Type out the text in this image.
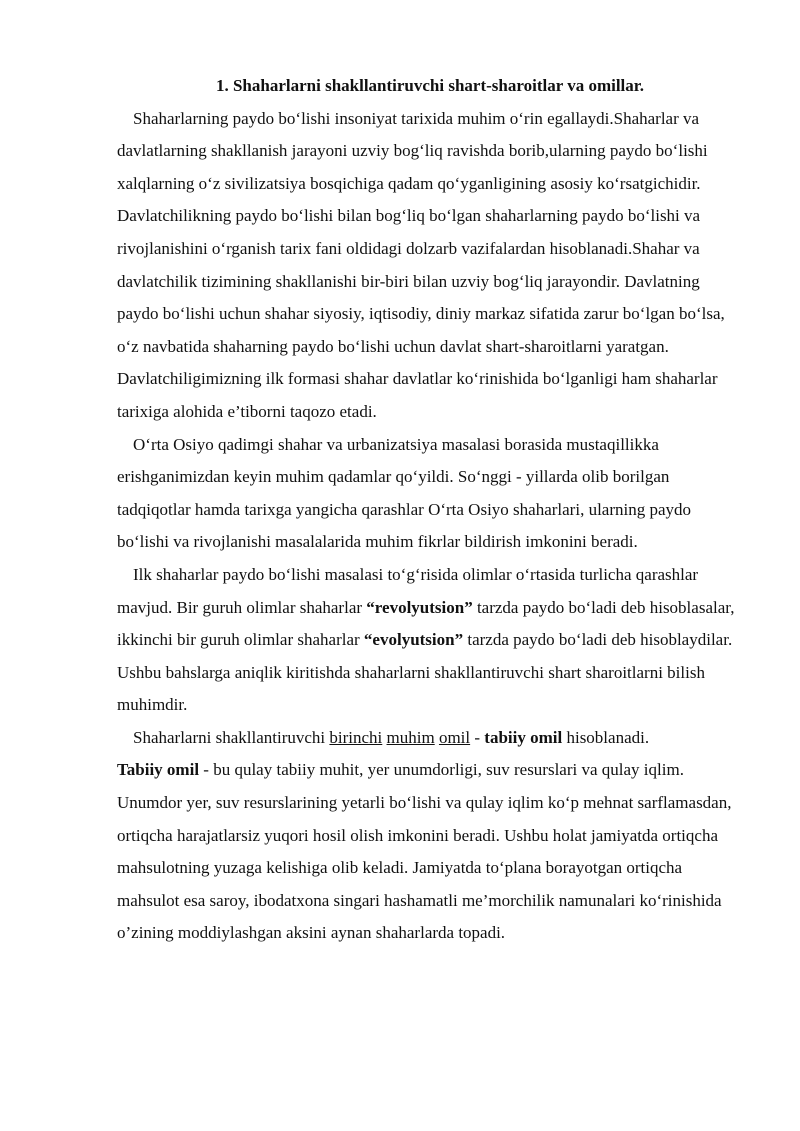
1. Shaharlarni shakllantiruvchi shart-sharoitlar va omillar.

Shaharlarning paydo bo‘lishi insoniyat tarixida muhim o‘rin egallaydi.Shaharlar va davlatlarning shakllanish jarayoni uzviy bog‘liq ravishda borib,ularning paydo bo‘lishi xalqlarning o‘z sivilizatsiya bosqichiga qadam qo‘yganligining asosiy ko‘rsatgichidir. Davlatchilikning paydo bo‘lishi bilan bog‘liq bo‘lgan shaharlarning paydo bo‘lishi va rivojlanishini o‘rganish tarix fani oldidagi dolzarb vazifalardan hisoblanadi.Shahar va davlatchilik tizimining shakllanishi bir-biri bilan uzviy bog‘liq jarayondir. Davlatning paydo bo‘lishi uchun shahar siyosiy, iqtisodiy, diniy markaz sifatida zarur bo‘lgan bo‘lsa, o‘z navbatida shaharning paydo bo‘lishi uchun davlat shart-sharoitlarni yaratgan. Davlatchiligimizning ilk formasi shahar davlatlar ko‘rinishida bo‘lganligi ham shaharlar tarixiga alohida e’tiborni taqozo etadi.

O‘rta Osiyo qadimgi shahar va urbanizatsiya masalasi borasida mustaqillikka erishganimizdan keyin muhim qadamlar qo‘yildi. So‘nggi - yillarda olib borilgan tadqiqotlar hamda tarixga yangicha qarashlar O‘rta Osiyo shaharlari, ularning paydo bo‘lishi va rivojlanishi masalalarida muhim fikrlar bildirish imkonini beradi.

Ilk shaharlar paydo bo‘lishi masalasi to‘g‘risida olimlar o‘rtasida turlicha qarashlar mavjud. Bir guruh olimlar shaharlar “revolyutsion” tarzda paydo bo‘ladi deb hisoblasalar, ikkinchi bir guruh olimlar shaharlar “evolyutsion” tarzda paydo bo‘ladi deb hisoblaydilar. Ushbu bahslarga aniqlik kiritishda shaharlarni shakllantiruvchi shart sharoitlarni bilish muhimdir.

Shaharlarni shakllantiruvchi birinchi muhim omil - tabiiy omil hisoblanadi.

Tabiiy omil - bu qulay tabiiy muhit, yer unumdorligi, suv resurslari va qulay iqlim. Unumdor yer, suv resurslarining yetarli bo‘lishi va qulay iqlim ko‘p mehnat sarflamasdan, ortiqcha harajatlarsiz yuqori hosil olish imkonini beradi. Ushbu holat jamiyatda ortiqcha mahsulotning yuzaga kelishiga olib keladi. Jamiyatda to‘plana borayotgan ortiqcha mahsulot esa saroy, ibodatxona singari hashamatli me’morchilik namunalari ko‘rinishida o’zining moddiylashgan aksini aynan shaharlarda topadi.
